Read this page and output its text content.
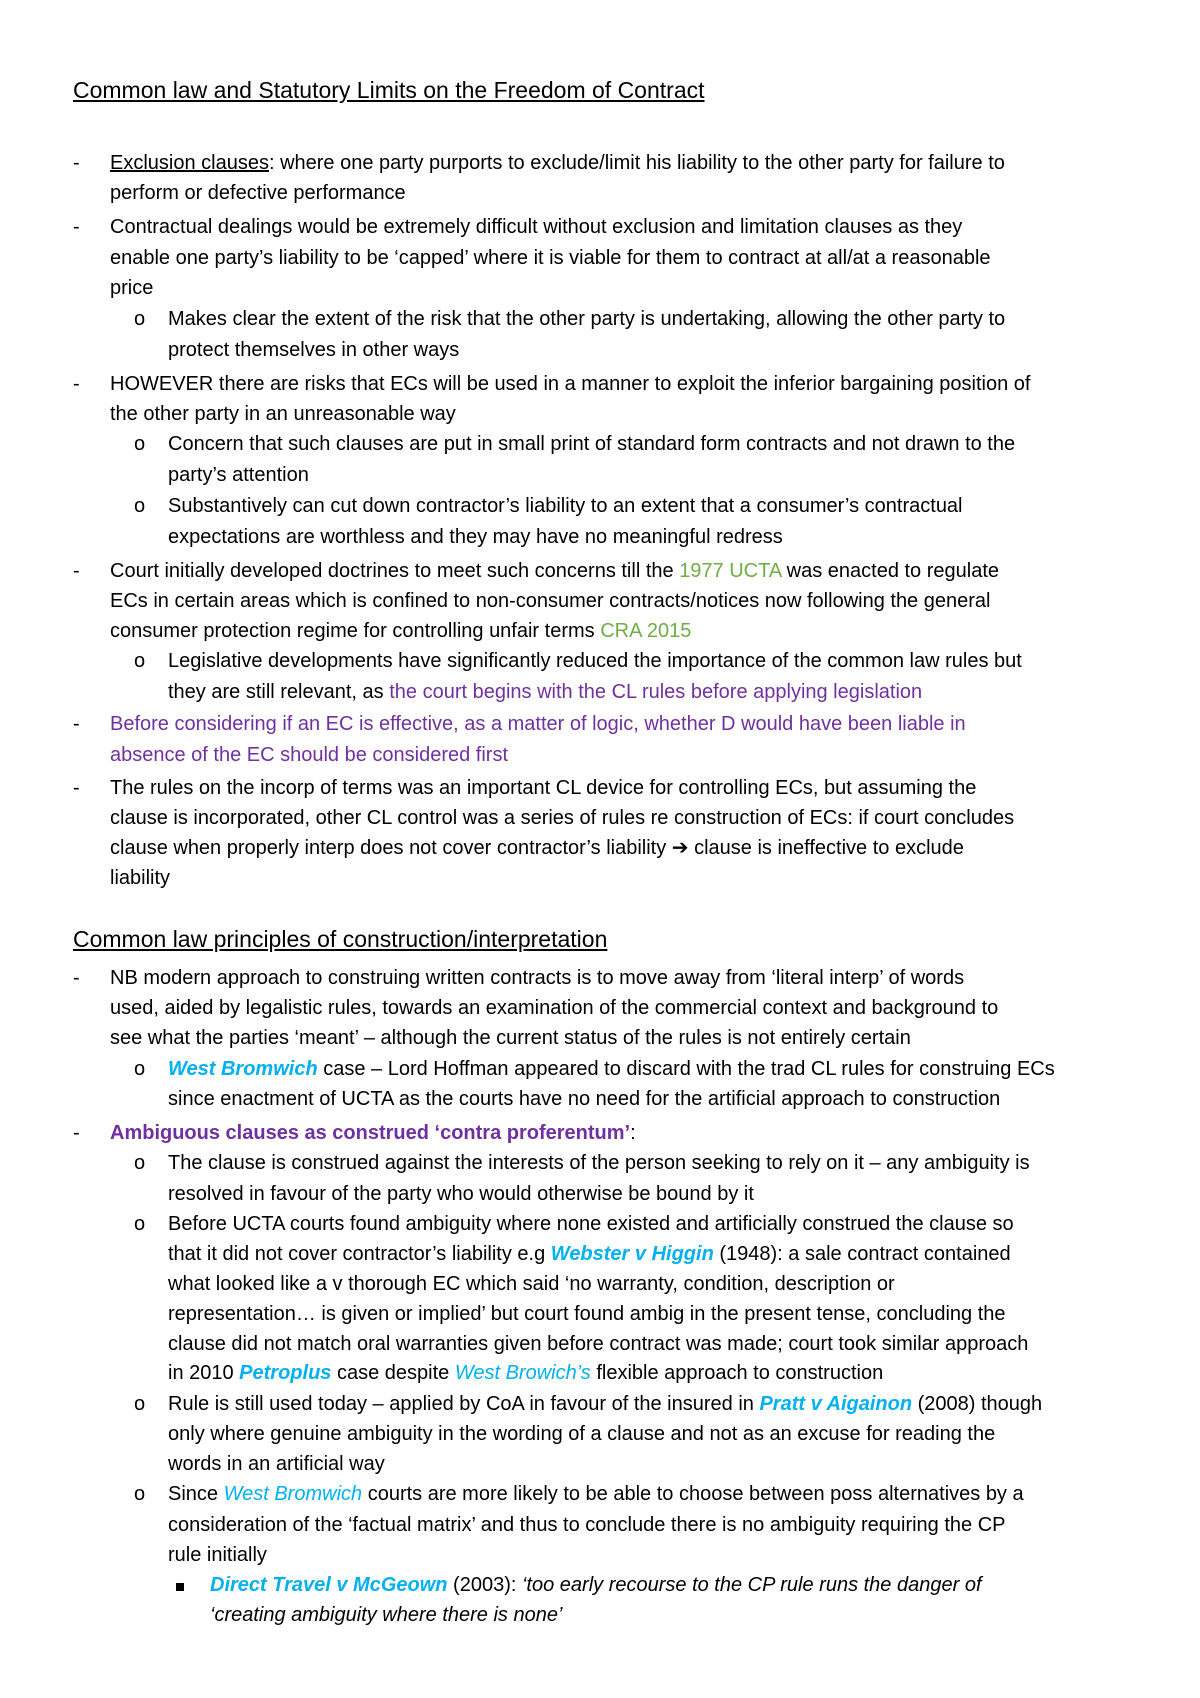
Common law and Statutory Limits on the Freedom of Contract
- Exclusion clauses: where one party purports to exclude/limit his liability to the other party for failure to
perform or defective performance
- Contractual dealings would be extremely difficult without exclusion and limitation clauses as they
enable one party’s liability to be ‘capped’ where it is viable for them to contract at all/at a reasonable
price
o Makes clear the extent of the risk that the other party is undertaking, allowing the other party to
protect themselves in other ways
- HOWEVER there are risks that ECs will be used in a manner to exploit the inferior bargaining position of
the other party in an unreasonable way
o Concern that such clauses are put in small print of standard form contracts and not drawn to the
party’s attention
o Substantively can cut down contractor’s liability to an extent that a consumer’s contractual
expectations are worthless and they may have no meaningful redress
- Court initially developed doctrines to meet such concerns till the 1977 UCTA was enacted to regulate
ECs in certain areas which is confined to non-consumer contracts/notices now following the general
consumer protection regime for controlling unfair terms CRA 2015
o Legislative developments have significantly reduced the importance of the common law rules but
they are still relevant, as the court begins with the CL rules before applying legislation
- Before considering if an EC is effective, as a matter of logic, whether D would have been liable in
absence of the EC should be considered first
- The rules on the incorp of terms was an important CL device for controlling ECs, but assuming the
clause is incorporated, other CL control was a series of rules re construction of ECs: if court concludes
clause when properly interp does not cover contractor’s liability ➔ clause is ineffective to exclude
liability
Common law principles of construction/interpretation
- NB modern approach to construing written contracts is to move away from ‘literal interp’ of words
used, aided by legalistic rules, towards an examination of the commercial context and background to
see what the parties ‘meant’ – although the current status of the rules is not entirely certain
o West Bromwich case – Lord Hoffman appeared to discard with the trad CL rules for construing ECs
since enactment of UCTA as the courts have no need for the artificial approach to construction
- Ambiguous clauses as construed ‘contra proferentum’:
o The clause is construed against the interests of the person seeking to rely on it – any ambiguity is
resolved in favour of the party who would otherwise be bound by it
o Before UCTA courts found ambiguity where none existed and artificially construed the clause so
that it did not cover contractor’s liability e.g Webster v Higgin (1948): a sale contract contained
what looked like a v thorough EC which said ‘no warranty, condition, description or
representation… is given or implied’ but court found ambig in the present tense, concluding the
clause did not match oral warranties given before contract was made; court took similar approach
in 2010 Petroplus case despite West Browich’s flexible approach to construction
o Rule is still used today – applied by CoA in favour of the insured in Pratt v Aigainon (2008) though
only where genuine ambiguity in the wording of a clause and not as an excuse for reading the
words in an artificial way
o Since West Bromwich courts are more likely to be able to choose between poss alternatives by a
consideration of the ‘factual matrix’ and thus to conclude there is no ambiguity requiring the CP
rule initially
Direct Travel v McGeown (2003): ‘too early recourse to the CP rule runs the danger of
‘creating ambiguity where there is none’
